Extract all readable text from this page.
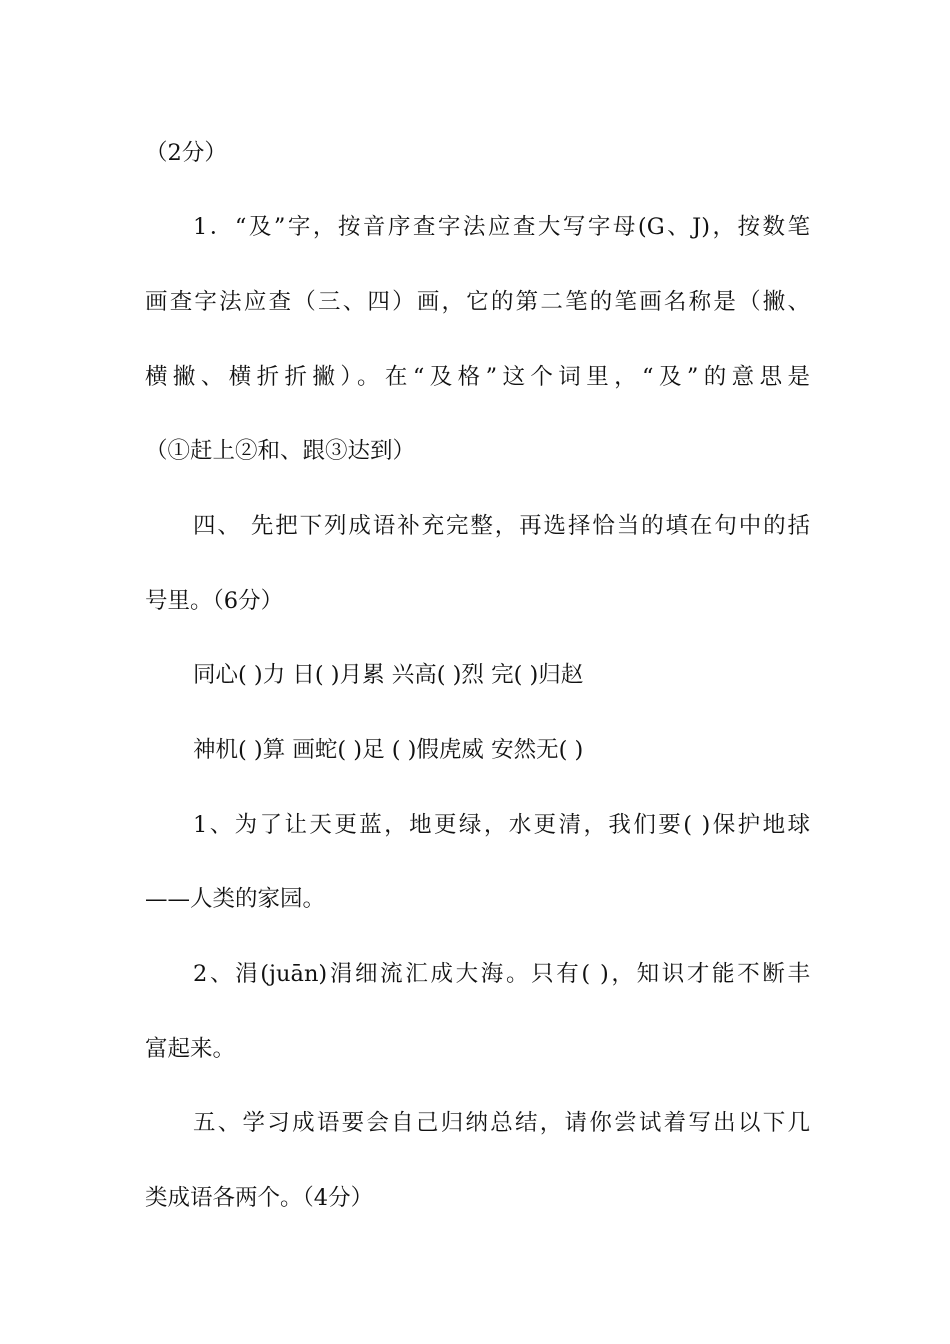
（2分）
1．“及”字，按音序查字法应查大写字母(G、J)，按数笔
画查字法应查（三、四）画，它的第二笔的笔画名称是（撇、
横撇、横折折撇）。在“及格”这个词里，“及”的意思是
（①赶上②和、跟③达到）
四、 先把下列成语补充完整，再选择恰当的填在句中的括
号里。（6分）
同心( )力 日( )月累 兴高( )烈 完( )归赵
神机( )算 画蛇( )足 ( )假虎威 安然无( )
1、为了让天更蓝，地更绿，水更清，我们要( )保护地球
——人类的家园。
2、涓(juān)涓细流汇成大海。只有( )，知识才能不断丰
富起来。
五、学习成语要会自己归纳总结，请你尝试着写出以下几
类成语各两个。（4分）
